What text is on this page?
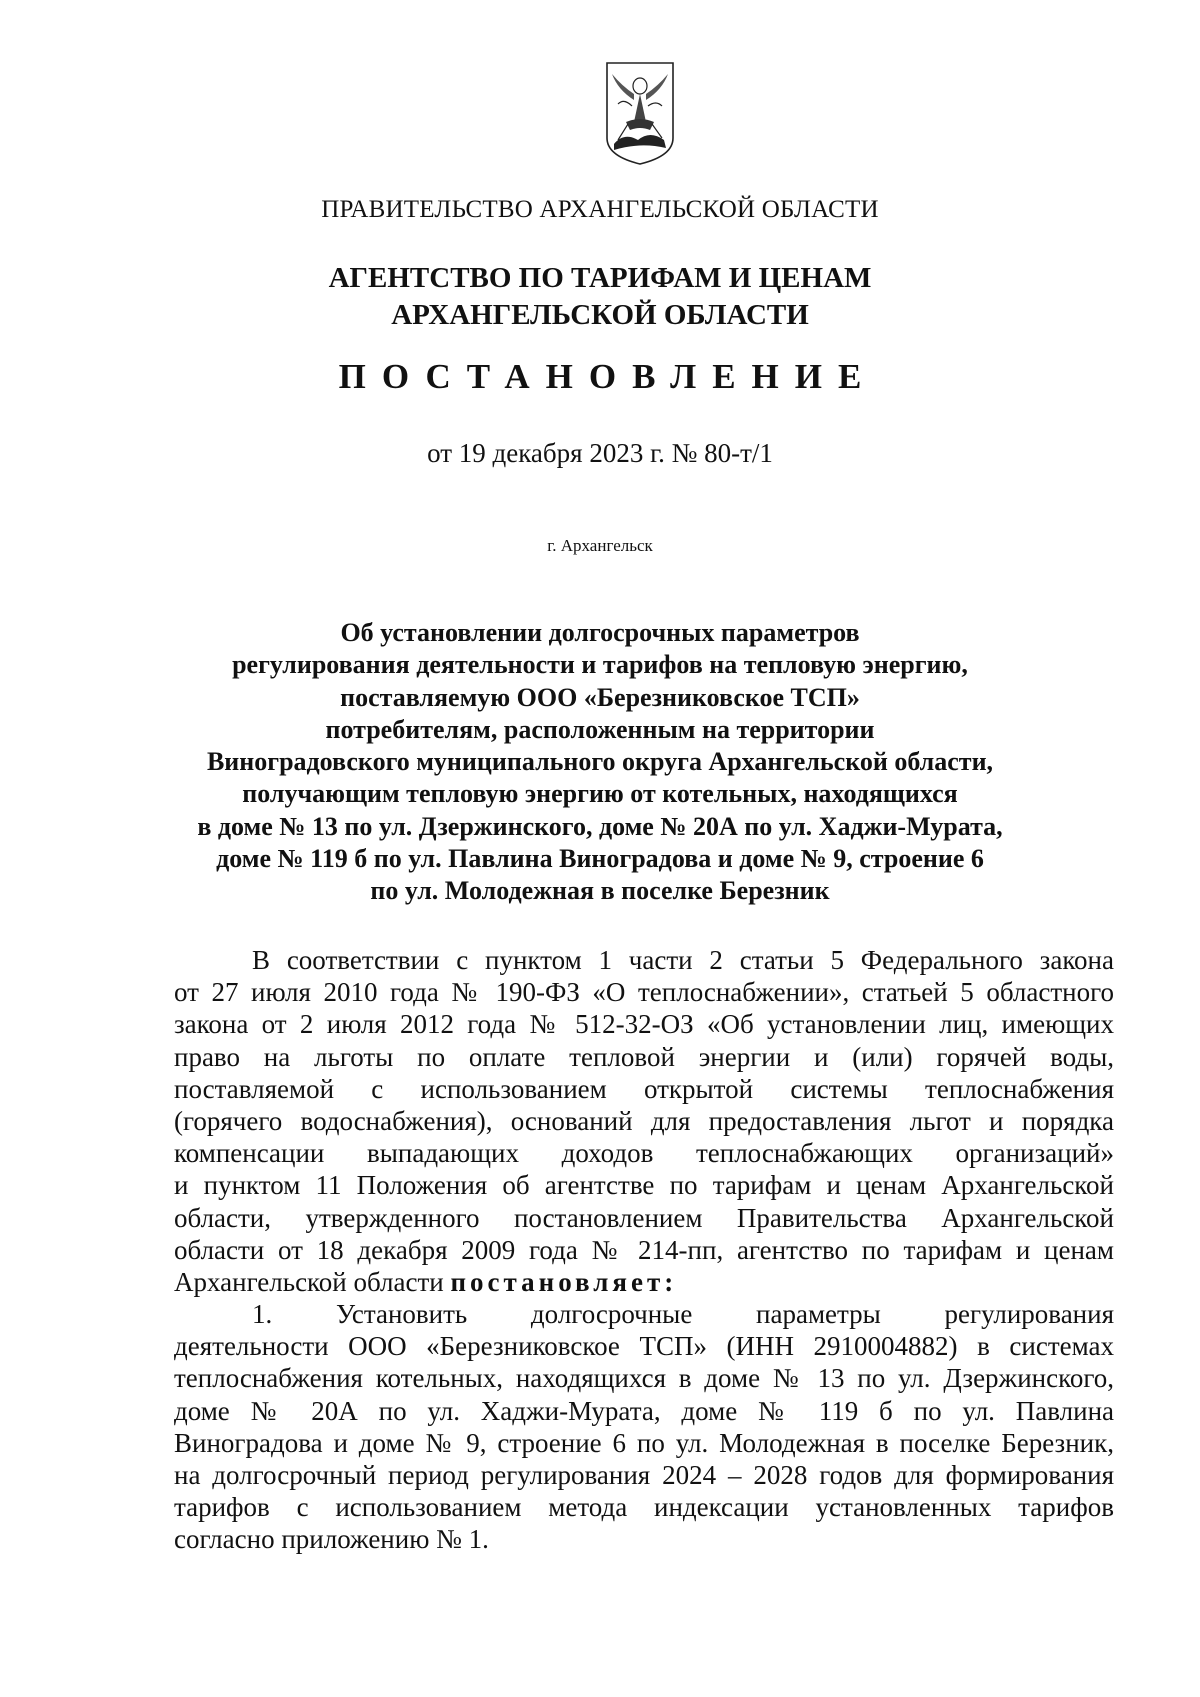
ПРАВИТЕЛЬСТВО АРХАНГЕЛЬСКОЙ ОБЛАСТИ
АГЕНТСТВО ПО ТАРИФАМ И ЦЕНАМ
АРХАНГЕЛЬСКОЙ ОБЛАСТИ
ПОСТАНОВЛЕНИЕ
от 19 декабря 2023 г. № 80-т/1
г. Архангельск
Об установлении долгосрочных параметров
регулирования деятельности и тарифов на тепловую энергию,
поставляемую ООО «Березниковское ТСП»
потребителям, расположенным на территории
Виноградовского муниципального округа Архангельской области,
получающим тепловую энергию от котельных, находящихся
в доме № 13 по ул. Дзержинского, доме № 20А по ул. Хаджи-Мурата,
доме № 119 б по ул. Павлина Виноградова и доме № 9, строение 6
по ул. Молодежная в поселке Березник
В соответствии с пунктом 1 части 2 статьи 5 Федерального закона
от 27 июля 2010 года № 190-ФЗ «О теплоснабжении», статьей 5 областного
закона от 2 июля 2012 года № 512-32-ОЗ «Об установлении лиц, имеющих
право на льготы по оплате тепловой энергии и (или) горячей воды,
поставляемой с использованием открытой системы теплоснабжения
(горячего водоснабжения), оснований для предоставления льгот и порядка
компенсации выпадающих доходов теплоснабжающих организаций»
и пунктом 11 Положения об агентстве по тарифам и ценам Архангельской
области, утвержденного постановлением Правительства Архангельской
области от 18 декабря 2009 года № 214-пп, агентство по тарифам и ценам
Архангельской области постановляет:
1. Установить долгосрочные параметры регулирования
деятельности ООО «Березниковское ТСП» (ИНН 2910004882) в системах
теплоснабжения котельных, находящихся в доме № 13 по ул. Дзержинского,
доме № 20А по ул. Хаджи-Мурата, доме № 119 б по ул. Павлина
Виноградова и доме № 9, строение 6 по ул. Молодежная в поселке Березник,
на долгосрочный период регулирования 2024 – 2028 годов для формирования
тарифов с использованием метода индексации установленных тарифов
согласно приложению № 1.
